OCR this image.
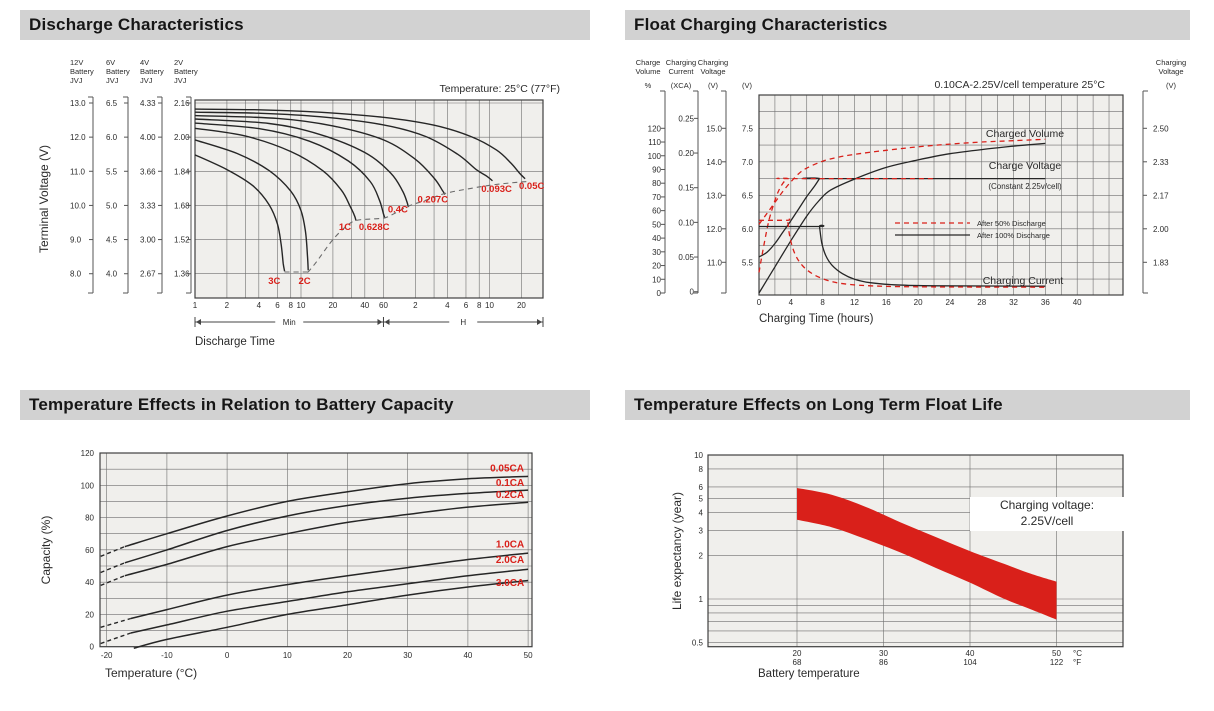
Discharge Characteristics	Float Charging Characteristics
Temperature Effects in Relation to Battery Capacity	Temperature Effects on Long Term Float Life
0.05C
0.093C
0.207C
0.4C
0.628C
1C
2C
3C
12V
Battery
JVJ
13.0
12.0
11.0
10.0
9.0
8.0
6V
Battery
JVJ
6.5
6.0
5.5
5.0
4.5
4.0
4V
Battery
JVJ
4.33
4.00
3.66
3.33
3.00
2.67
2V
Battery
JVJ
2.16
2.00
1.84
1.68
1.52
1.36
Terminal Voltage (V)
1	2	4 6 8 10	20	40 60	2	4 6 8 10	20
Min	H
Discharge Time
Temperature: 25°C (77°F)
Charged Volume
Charge Voltage
(Constant 2.25v/cell)
Charging Current
After 50% Discharge
After 100% Discharge
Charge
Volume
%
120
110
100
90
80
70
60
50
40
30
20
10
0
Charging
Current
(XCA)
0.25
0.20
0.15
0.10
0.05
0
Charging
Voltage
(V)
15.0
14.0
13.0
12.0
11.0
(V)
7.5
7.0
6.5
6.0
5.5
Charging
Voltage
(V)
2.50
2.33
2.17
2.00
1.83
0	4	8	12	16	20	24	28	32	36	40
Charging Time (hours)
0.10CA-2.25V/cell temperature 25°C
0.05CA
0.1CA
0.2CA
1.0CA
2.0CA
3.0CA
0
20
40
60
80
100
120
-20	-10	0	10	20	30	40	50
Capacity (%)
Temperature (°C)
Charging voltage:
2.25V/cell
10
8
6
5
4
3
2
1
0.5
20
68
30
86
40
104
50
122
°C
°F
Life expectancy (year)
Battery temperature
